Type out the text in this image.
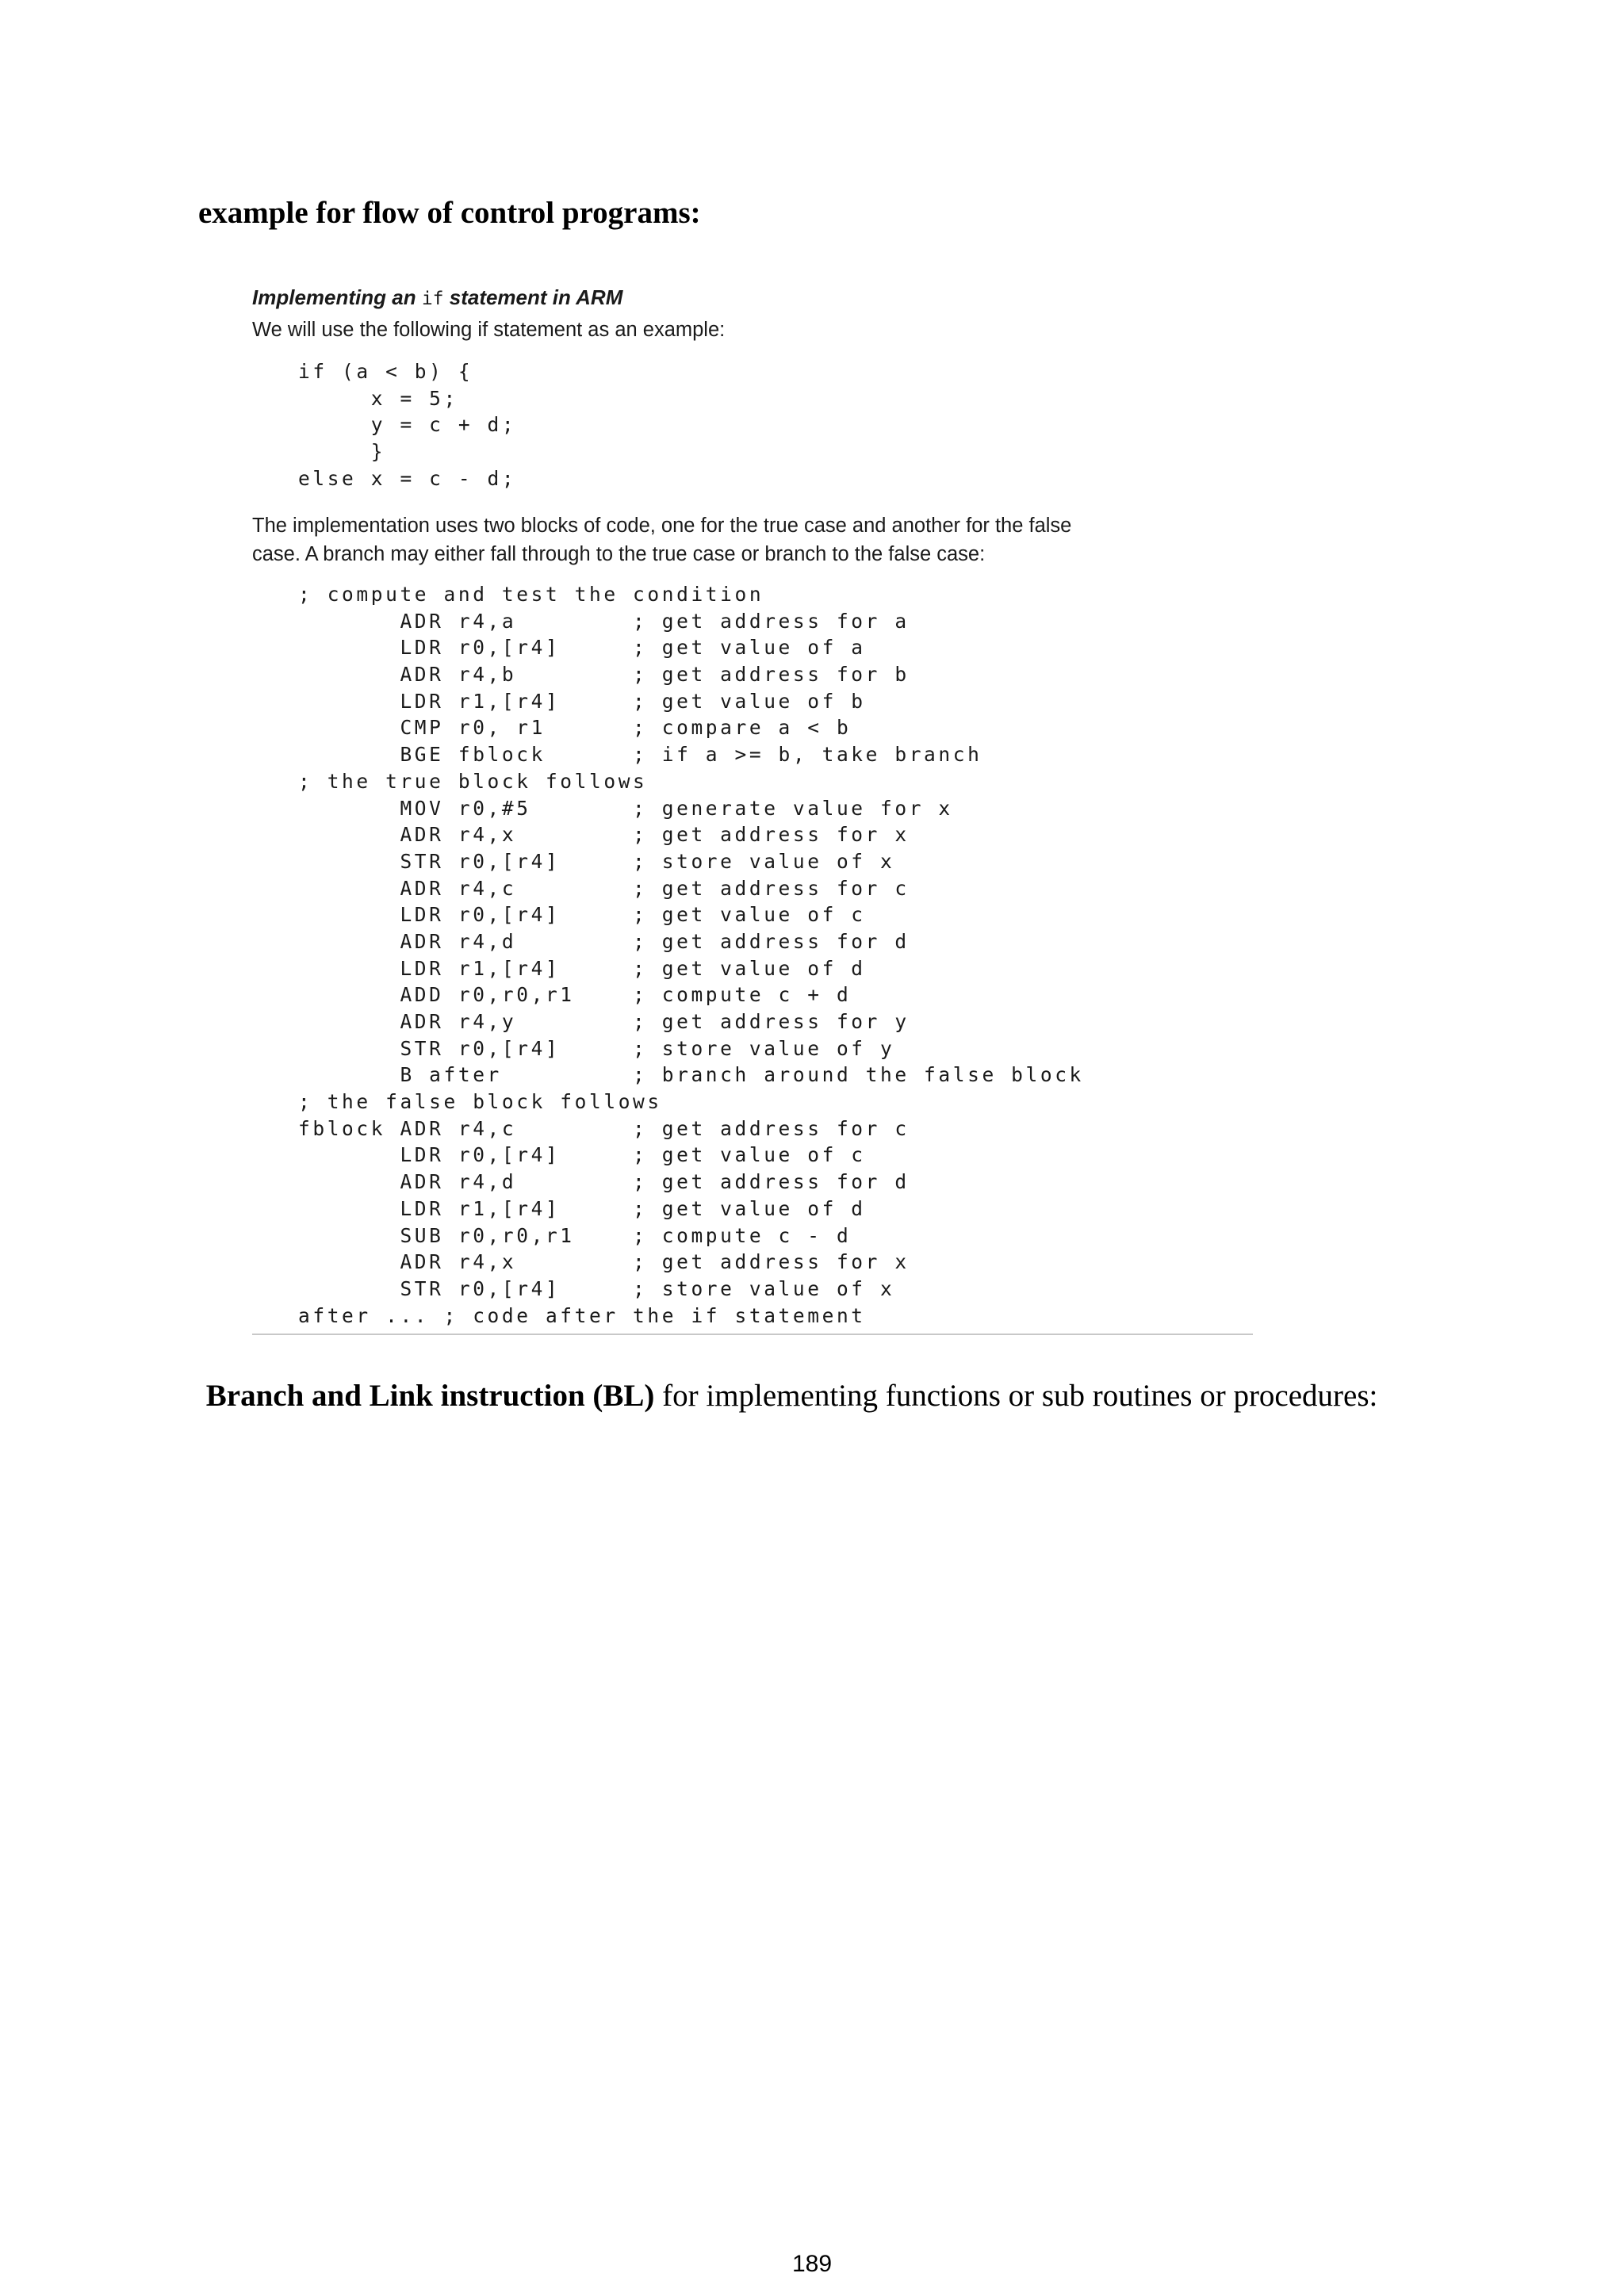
example for flow of control programs:
Implementing an if statement in ARM
We will use the following if statement as an example:
if (a < b) {
x = 5;
y = c + d;
}
else x = c - d;
The implementation uses two blocks of code, one for the true case and another for the false
case. A branch may either fall through to the true case or branch to the false case:
; compute and test the condition
ADR r4,a        ; get address for a
LDR r0,[r4]     ; get value of a
ADR r4,b        ; get address for b
LDR r1,[r4]     ; get value of b
CMP r0, r1      ; compare a < b
BGE fblock      ; if a >= b, take branch
; the true block follows
MOV r0,#5       ; generate value for x
ADR r4,x        ; get address for x
STR r0,[r4]     ; store value of x
ADR r4,c        ; get address for c
LDR r0,[r4]     ; get value of c
ADR r4,d        ; get address for d
LDR r1,[r4]     ; get value of d
ADD r0,r0,r1    ; compute c + d
ADR r4,y        ; get address for y
STR r0,[r4]     ; store value of y
B after         ; branch around the false block
; the false block follows
fblock ADR r4,c        ; get address for c
LDR r0,[r4]     ; get value of c
ADR r4,d        ; get address for d
LDR r1,[r4]     ; get value of d
SUB r0,r0,r1    ; compute c - d
ADR r4,x        ; get address for x
STR r0,[r4]     ; store value of x
after ... ; code after the if statement
Branch and Link instruction (BL) for implementing functions or sub routines or procedures:
189
